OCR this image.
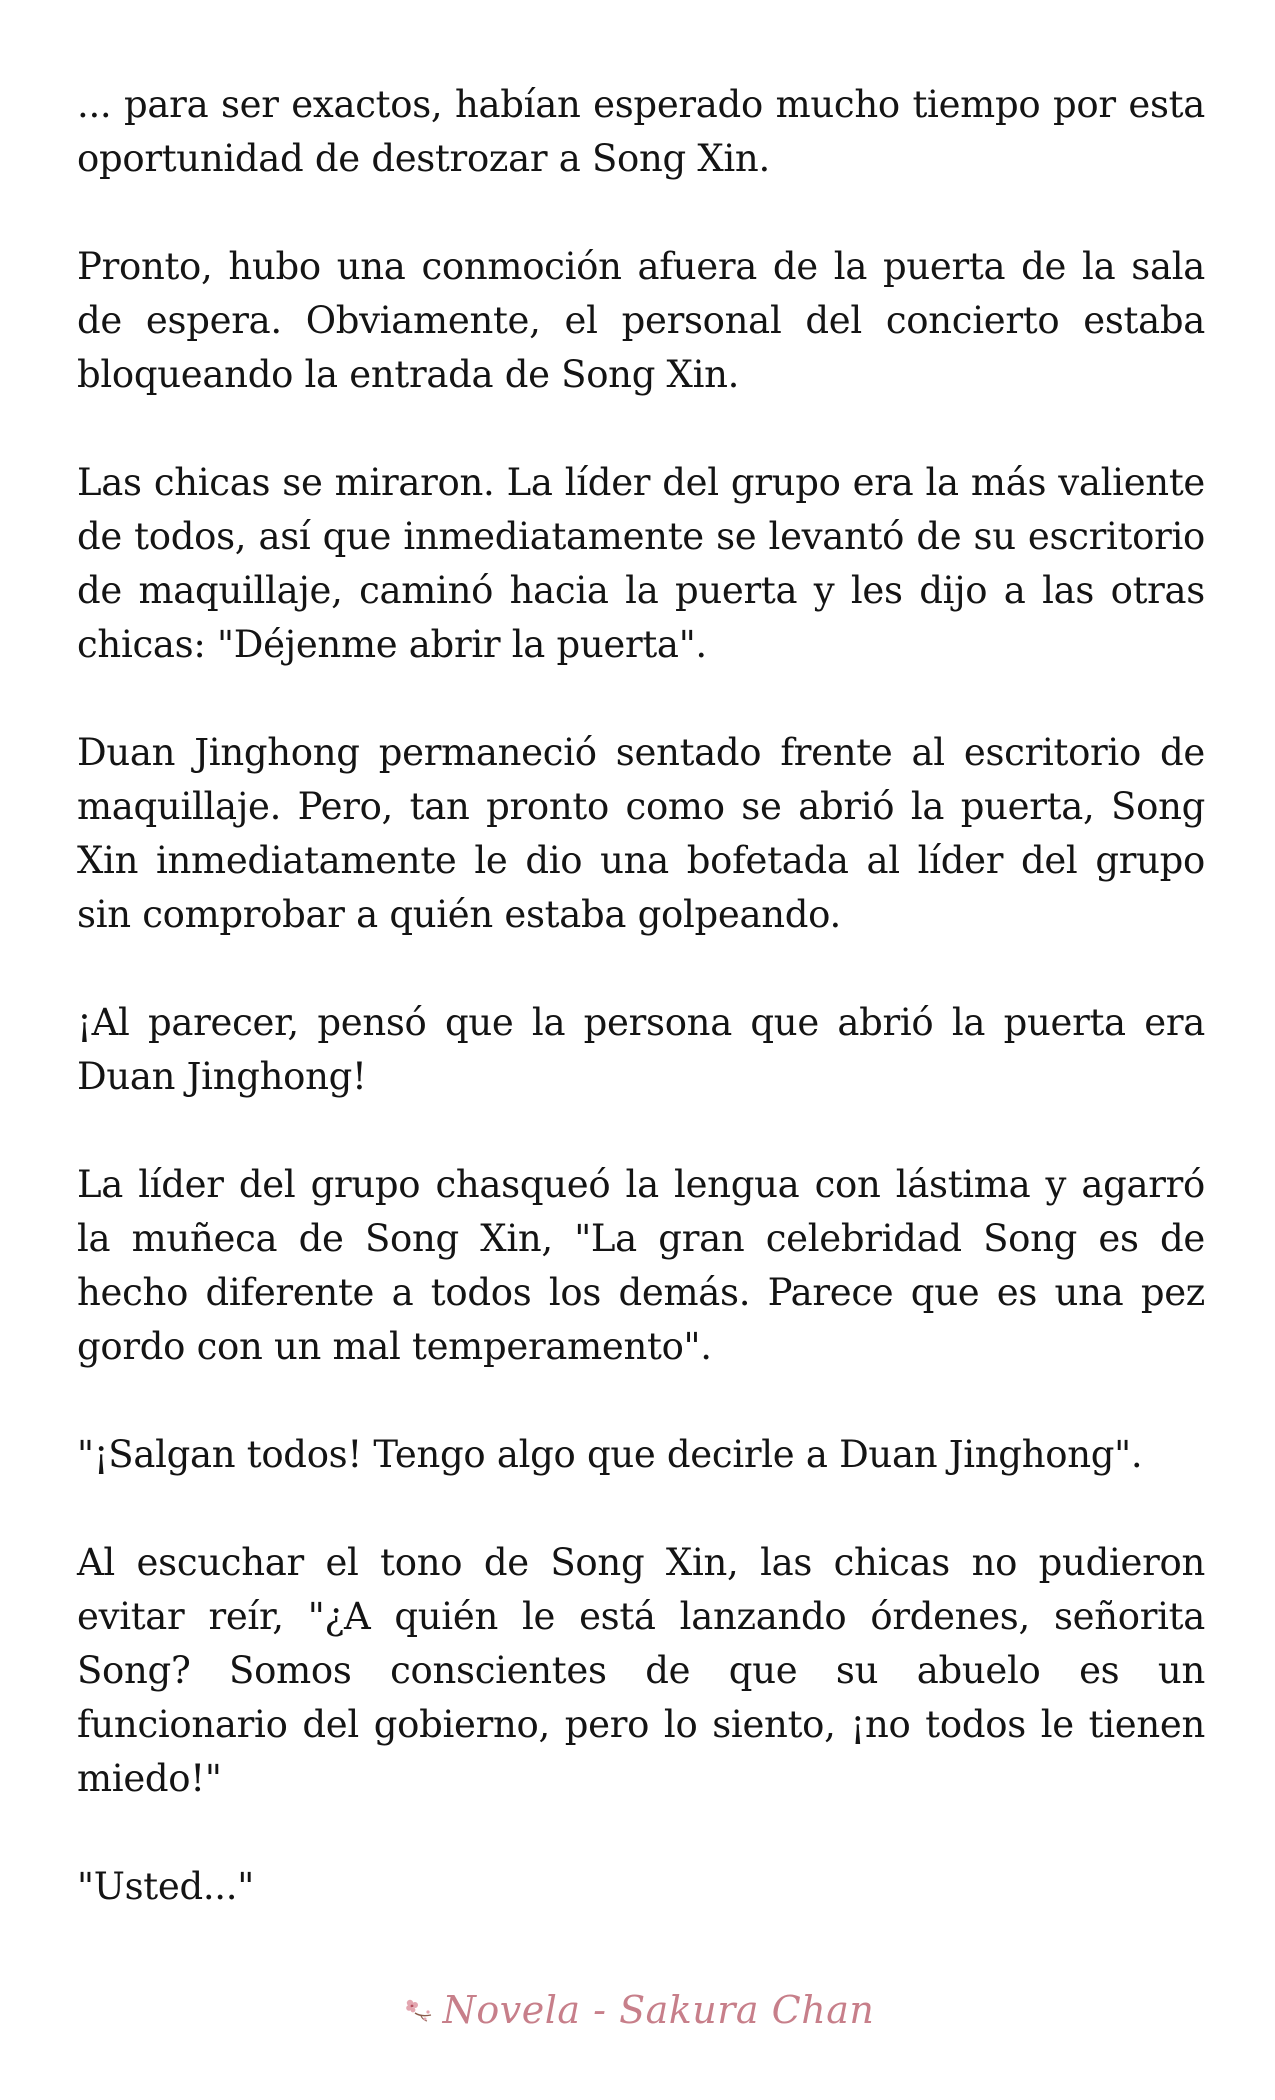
... para ser exactos, habían esperado mucho tiempo por esta oportunidad de destrozar a Song Xin.

Pronto, hubo una conmoción afuera de la puerta de la sala de espera. Obviamente, el personal del concierto estaba bloqueando la entrada de Song Xin.

Las chicas se miraron. La líder del grupo era la más valiente de todos, así que inmediatamente se levantó de su escritorio de maquillaje, caminó hacia la puerta y les dijo a las otras chicas: "Déjenme abrir la puerta".

Duan Jinghong permaneció sentado frente al escritorio de maquillaje. Pero, tan pronto como se abrió la puerta, Song Xin inmediatamente le dio una bofetada al líder del grupo sin comprobar a quién estaba golpeando.

¡Al parecer, pensó que la persona que abrió la puerta era Duan Jinghong!

La líder del grupo chasqueó la lengua con lástima y agarró la muñeca de Song Xin, "La gran celebridad Song es de hecho diferente a todos los demás. Parece que es una pez gordo con un mal temperamento".

"¡Salgan todos! Tengo algo que decirle a Duan Jinghong".

Al escuchar el tono de Song Xin, las chicas no pudieron evitar reír, "¿A quién le está lanzando órdenes, señorita Song? Somos conscientes de que su abuelo es un funcionario del gobierno, pero lo siento, ¡no todos le tienen miedo!"

"Usted..."

Novela - Sakura Chan
